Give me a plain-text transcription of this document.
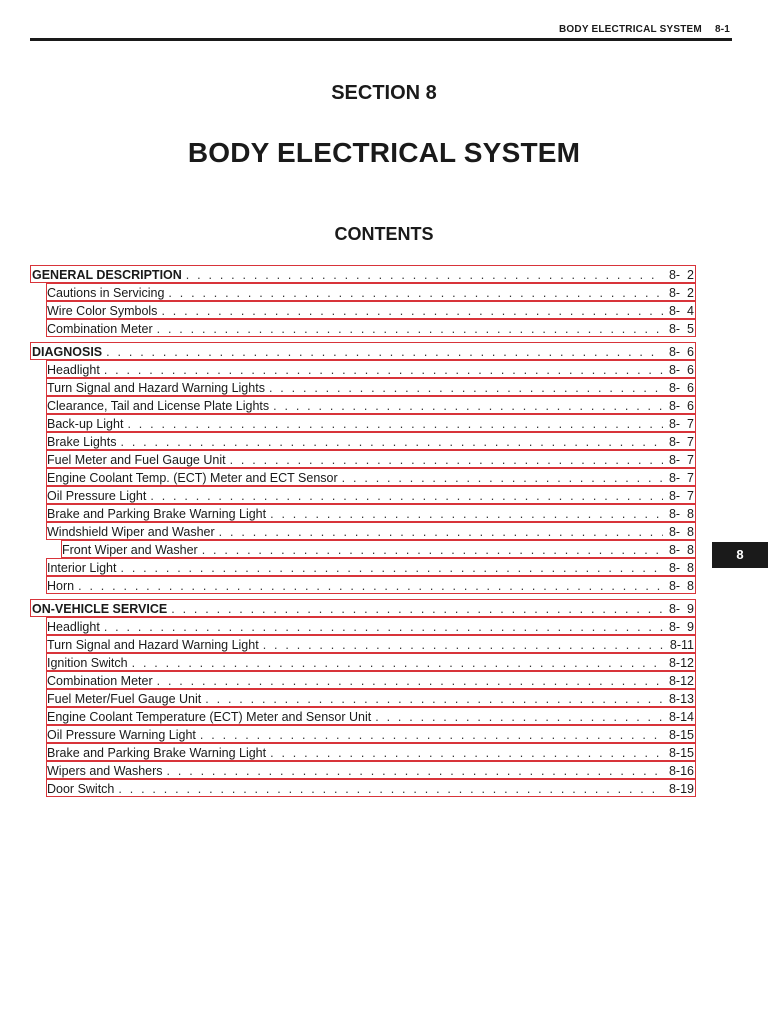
BODY ELECTRICAL SYSTEM 8-1
SECTION 8
BODY ELECTRICAL SYSTEM
CONTENTS
GENERAL DESCRIPTION . . .	8-  2
Cautions in Servicing . . .	8-  2
Wire Color Symbols . . .	8-  4
Combination Meter . . .	8-  5
DIAGNOSIS . . .	8-  6
Headlight . . .	8-  6
Turn Signal and Hazard Warning Lights . . .	8-  6
Clearance, Tail and License Plate Lights . . .	8-  6
Back-up Light . . .	8-  7
Brake Lights . . .	8-  7
Fuel Meter and Fuel Gauge Unit . . .	8-  7
Engine Coolant Temp. (ECT) Meter and ECT Sensor . . .	8-  7
Oil Pressure Light . . .	8-  7
Brake and Parking Brake Warning Light . . .	8-  8
Windshield Wiper and Washer . . .	8-  8
Front Wiper and Washer . . .	8-  8
Interior Light . . .	8-  8
Horn . . .	8-  8
ON-VEHICLE SERVICE . . .	8-  9
Headlight . . .	8-  9
Turn Signal and Hazard Warning Light . . .	8-11
Ignition Switch . . .	8-12
Combination Meter . . .	8-12
Fuel Meter/Fuel Gauge Unit . . .	8-13
Engine Coolant Temperature (ECT) Meter and Sensor Unit . . .	8-14
Oil Pressure Warning Light . . .	8-15
Brake and Parking Brake Warning Light . . .	8-15
Wipers and Washers . . .	8-16
Door Switch . . .	8-19
8
